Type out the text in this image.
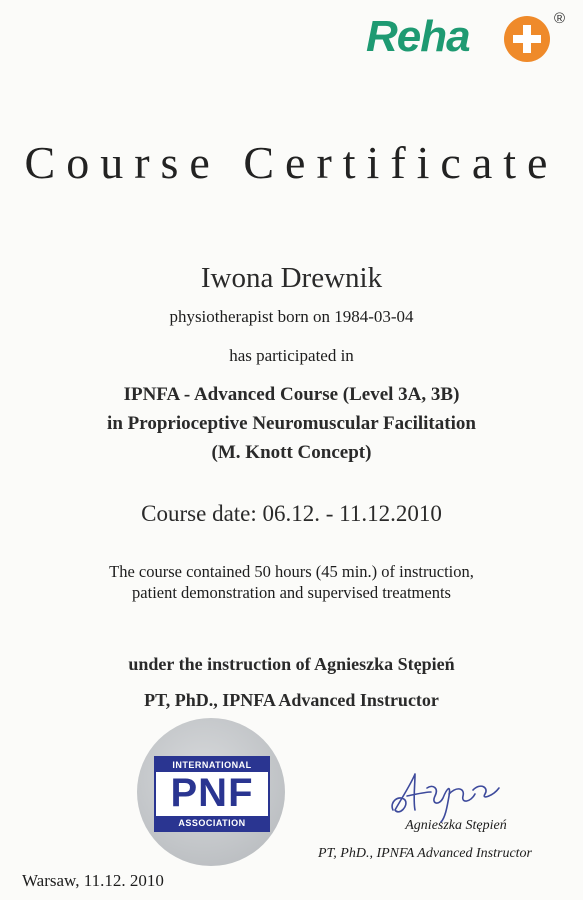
Reha	®
Course Certificate
Iwona Drewnik
physiotherapist born on 1984-03-04
has participated in
IPNFA - Advanced Course (Level 3A, 3B)
in Proprioceptive Neuromuscular Facilitation
(M. Knott Concept)
Course date: 06.12. - 11.12.2010
The course contained 50 hours (45 min.) of instruction,
patient demonstration and supervised treatments
under the instruction of Agnieszka Stępień
PT, PhD., IPNFA Advanced Instructor
INTERNATIONAL
PNF
ASSOCIATION	Agnieszka Stępień
PT, PhD., IPNFA Advanced Instructor
Warsaw, 11.12. 2010
